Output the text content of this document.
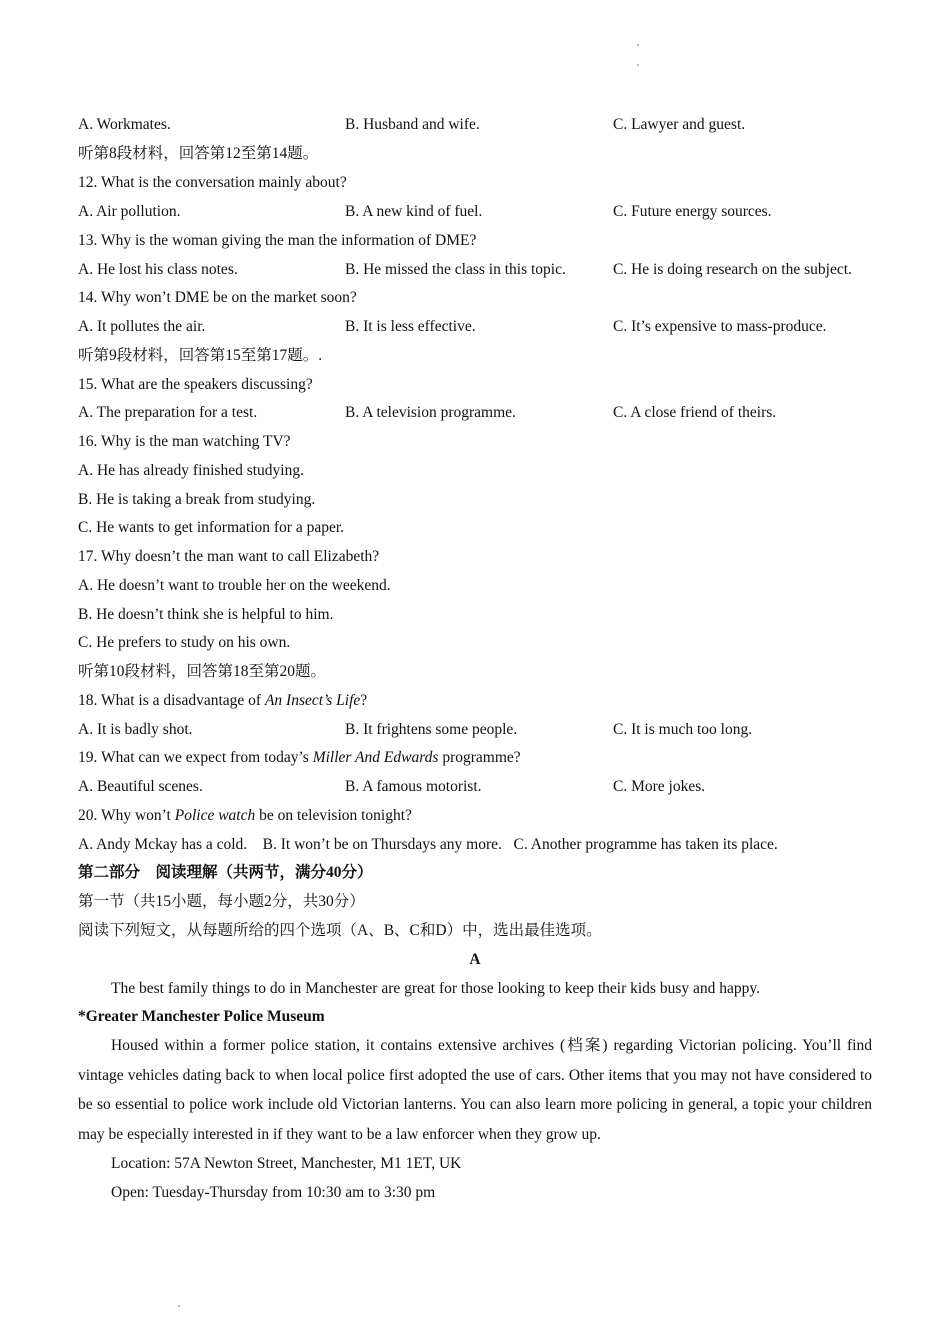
A. Workmates.	B. Husband and wife.	C. Lawyer and guest.
听第8段材料，回答第12至第14题。
12. What is the conversation mainly about?
A. Air pollution.	B. A new kind of fuel.	C. Future energy sources.
13. Why is the woman giving the man the information of DME?
A. He lost his class notes.	B. He missed the class in this topic.	C. He is doing research on the subject.
14. Why won’t DME be on the market soon?
A. It pollutes the air.	B. It is less effective.	C. It’s expensive to mass-produce.
听第9段材料，回答第15至第17题。.
15. What are the speakers discussing?
A. The preparation for a test.	B. A television programme.	C. A close friend of theirs.
16. Why is the man watching TV?
A. He has already finished studying.
B. He is taking a break from studying.
C. He wants to get information for a paper.
17. Why doesn’t the man want to call Elizabeth?
A. He doesn’t want to trouble her on the weekend.
B. He doesn’t think she is helpful to him.
C. He prefers to study on his own.
听第10段材料，回答第18至第20题。
18. What is a disadvantage of An Insect’s Life?
A. It is badly shot.	B. It frightens some people.	C. It is much too long.
19. What can we expect from today’s Miller And Edwards programme?
A. Beautiful scenes.	B. A famous motorist.	C. More jokes.
20. Why won’t Police watch be on television tonight?
A. Andy Mckay has a cold.    B. It won’t be on Thursdays any more.   C. Another programme has taken its place.
第二部分　阅读理解（共两节，满分40分）
第一节（共15小题，每小题2分，共30分）
阅读下列短文，从每题所给的四个选项（A、B、C和D）中，选出最佳选项。
A
The best family things to do in Manchester are great for those looking to keep their kids busy and happy.
*Greater Manchester Police Museum
Housed within a former police station, it contains extensive archives (档案) regarding Victorian policing. You’ll find vintage vehicles dating back to when local police first adopted the use of cars. Other items that you may not have considered to be so essential to police work include old Victorian lanterns. You can also learn more policing in general, a topic your children may be especially interested in if they want to be a law enforcer when they grow up.
Location: 57A Newton Street, Manchester, M1 1ET, UK
Open: Tuesday-Thursday from 10:30 am to 3:30 pm
